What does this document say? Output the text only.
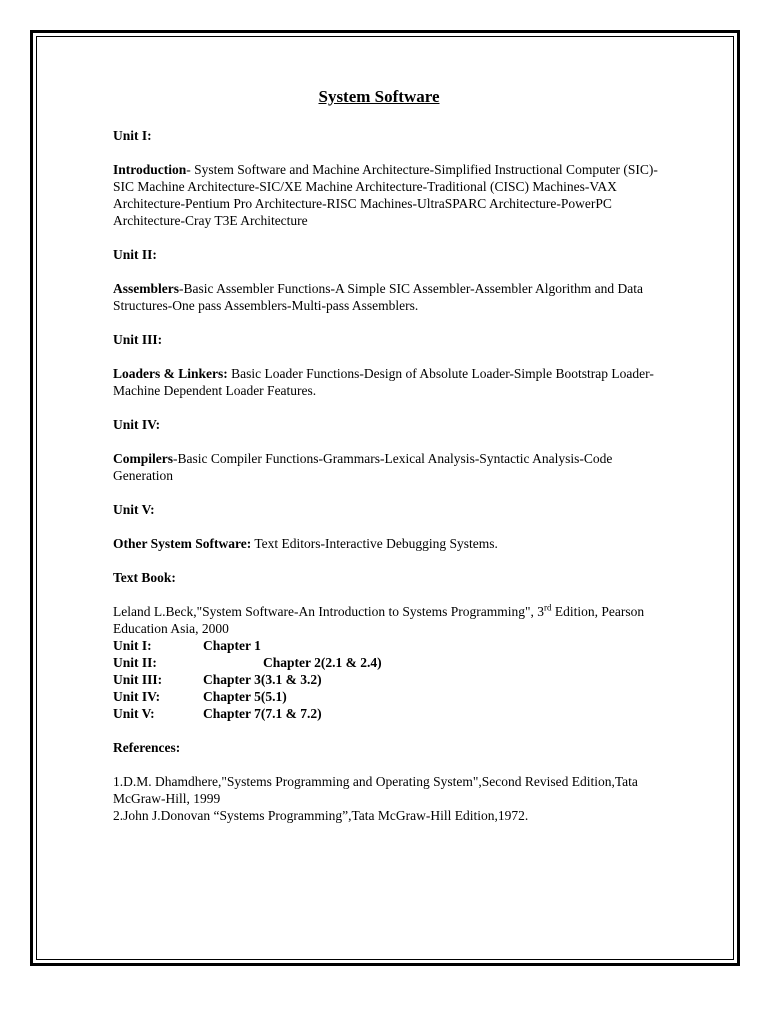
System Software
Unit I:
Introduction- System Software and Machine Architecture-Simplified Instructional Computer (SIC)-SIC Machine Architecture-SIC/XE Machine Architecture-Traditional (CISC) Machines-VAX Architecture-Pentium Pro Architecture-RISC Machines-UltraSPARC Architecture-PowerPC Architecture-Cray T3E Architecture
Unit II:
Assemblers-Basic Assembler Functions-A Simple SIC Assembler-Assembler Algorithm and Data Structures-One pass Assemblers-Multi-pass Assemblers.
Unit III:
Loaders & Linkers: Basic Loader Functions-Design of Absolute Loader-Simple Bootstrap Loader-Machine Dependent Loader Features.
Unit IV:
Compilers-Basic Compiler Functions-Grammars-Lexical Analysis-Syntactic Analysis-Code Generation
Unit V:
Other System Software: Text Editors-Interactive Debugging Systems.
Text Book:
Leland L.Beck,"System Software-An Introduction to Systems Programming", 3rd Edition, Pearson Education Asia, 2000
Unit I:	Chapter 1
Unit II:	Chapter 2(2.1 & 2.4)
Unit III:	Chapter 3(3.1 & 3.2)
Unit IV:	Chapter 5(5.1)
Unit V:	Chapter 7(7.1 & 7.2)
References:
1.D.M. Dhamdhere,"Systems Programming and Operating System",Second Revised Edition,Tata McGraw-Hill, 1999
2.John J.Donovan “Systems Programming”,Tata McGraw-Hill Edition,1972.
